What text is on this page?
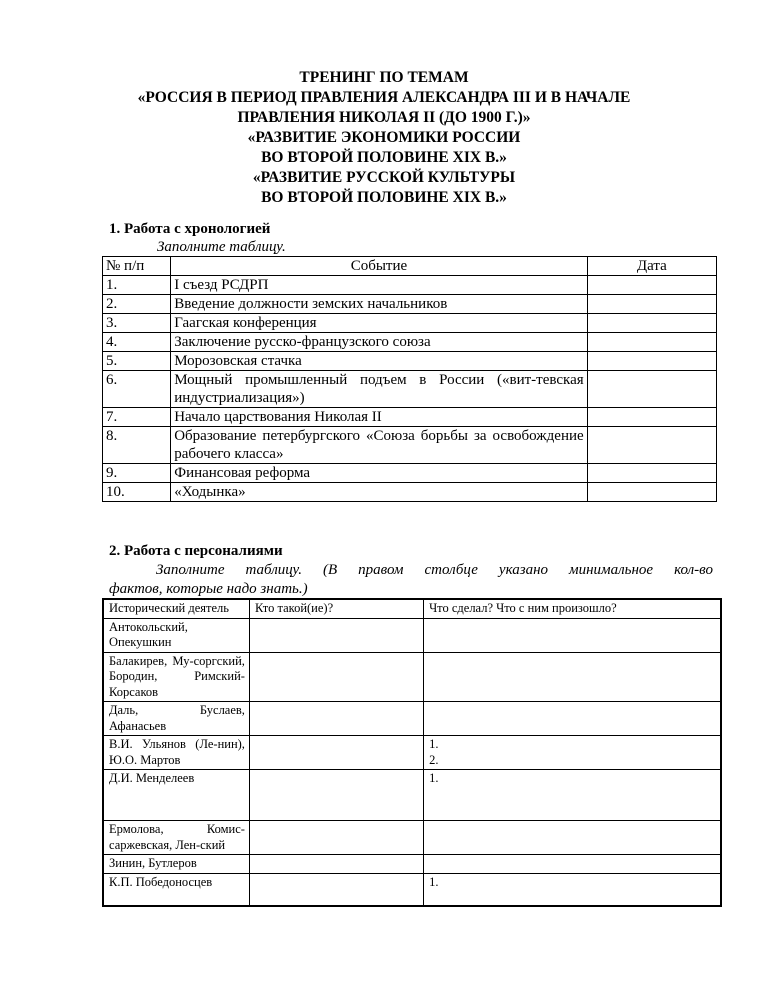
ТРЕНИНГ ПО ТЕМАМ
«РОССИЯ В ПЕРИОД ПРАВЛЕНИЯ АЛЕКСАНДРА III И В НАЧАЛЕ
ПРАВЛЕНИЯ НИКОЛАЯ II (ДО 1900 Г.)»
«РАЗВИТИЕ ЭКОНОМИКИ РОССИИ
ВО ВТОРОЙ ПОЛОВИНЕ XIX В.»
«РАЗВИТИЕ РУССКОЙ КУЛЬТУРЫ
ВО ВТОРОЙ ПОЛОВИНЕ XIX В.»
1. Работа с хронологией
Заполните таблицу.
№ п/п	Событие	Дата
1.	I съезд РСДРП	
2.	Введение должности земских начальников	
3.	Гаагская конференция	
4.	Заключение русско-французского союза	
5.	Морозовская стачка	
6.	Мощный промышленный подъем в России («вит-тевская индустриализация»)	
7.	Начало царствования Николая II	
8.	Образование петербургского «Союза борьбы за освобождение рабочего класса»	
9.	Финансовая реформа	
10.	«Ходынка»	
2. Работа с персоналиями
Заполните таблицу. (В правом столбце указано минимальное кол-во
фактов, которые надо знать.)
Исторический деятель	Кто такой(ие)?	Что сделал? Что с ним произошло?
Антокольский, Опекушкин		
Балакирев, Му-соргский, Бородин, Римский-Корсаков		
Даль, Буслаев, Афанасьев		
В.И. Ульянов (Ле-нин), Ю.О. Мартов		1.
2.

Д.И. Менделеев		1.

Ермолова, Комис-саржевская, Лен-ский		
Зинин, Бутлеров		
К.П. Победоносцев		1.
